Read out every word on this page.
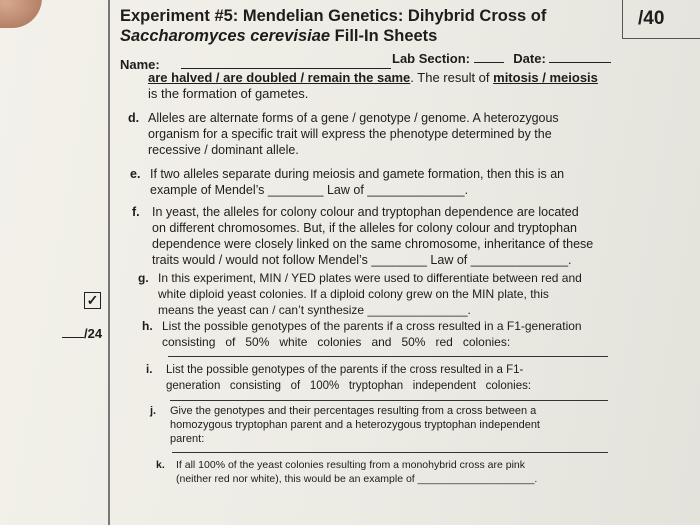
/40
Experiment #5: Mendelian Genetics: Dihybrid Cross of
Saccharomyces cerevisiae Fill-In Sheets
Name:	Lab Section:	Date:
are halved / are doubled / remain the same. The result of mitosis / meiosis
is the formation of gametes.
d. Alleles are alternate forms of a gene / genotype / genome. A heterozygous
organism for a specific trait will express the phenotype determined by the
recessive / dominant allele.
e. If two alleles separate during meiosis and gamete formation, then this is an
example of Mendel’s ________ Law of ______________.
f. In yeast, the alleles for colony colour and tryptophan dependence are located
on different chromosomes. But, if the alleles for colony colour and tryptophan
dependence were closely linked on the same chromosome, inheritance of these
traits would / would not follow Mendel’s ________ Law of ______________.
g. In this experiment, MIN / YED plates were used to differentiate between red and
white diploid yeast colonies. If a diploid colony grew on the MIN plate, this
means the yeast can / can’t synthesize _______________.
✓
/24	h. List the possible genotypes of the parents if a cross resulted in a F1-generation
consisting   of   50%   white   colonies   and   50%   red   colonies:
i. List the possible genotypes of the parents if the cross resulted in a F1-
generation   consisting   of   100%   tryptophan   independent   colonies:
j. Give the genotypes and their percentages resulting from a cross between a
homozygous tryptophan parent and a heterozygous tryptophan independent
parent:
k. If all 100% of the yeast colonies resulting from a monohybrid cross are pink
(neither red nor white), this would be an example of ____________________.
